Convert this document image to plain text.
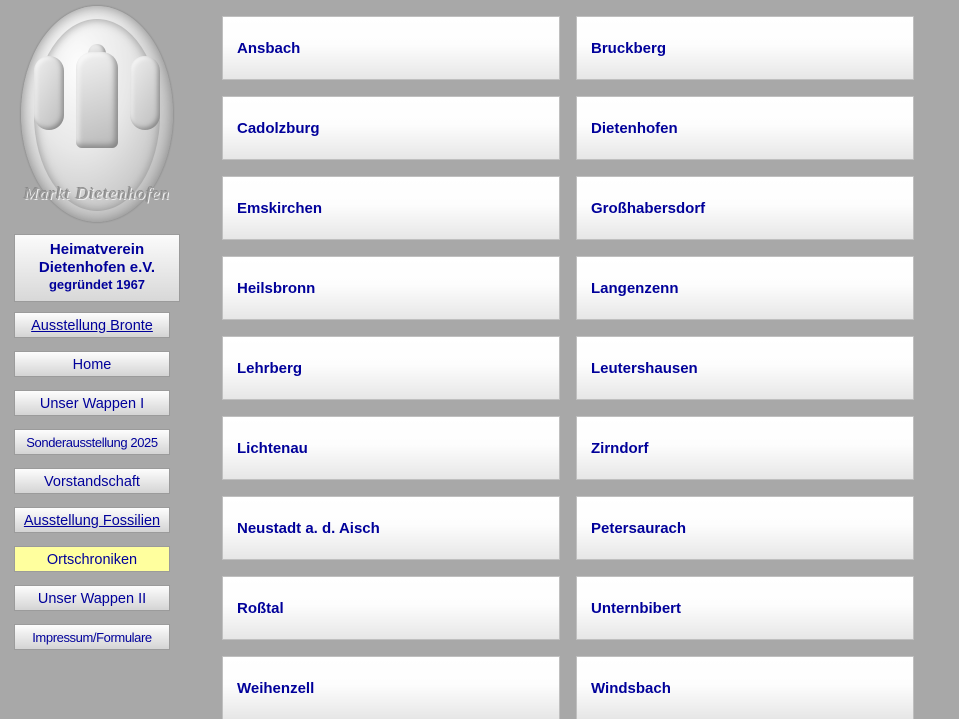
Markt Dietenhofen
Heimatverein
Dietenhofen e.V.
gegründet 1967
Ausstellung Bronte
Home
Unser Wappen I
Sonderausstellung 2025
Vorstandschaft
Ausstellung Fossilien
Ortschroniken
Unser Wappen II
Impressum/Formulare
Ansbach
Cadolzburg
Emskirchen
Heilsbronn
Lehrberg
Lichtenau
Neustadt a. d. Aisch
Roßtal
Weihenzell
Bruckberg
Dietenhofen
Großhabersdorf
Langenzenn
Leutershausen
Zirndorf
Petersaurach
Unternbibert
Windsbach
